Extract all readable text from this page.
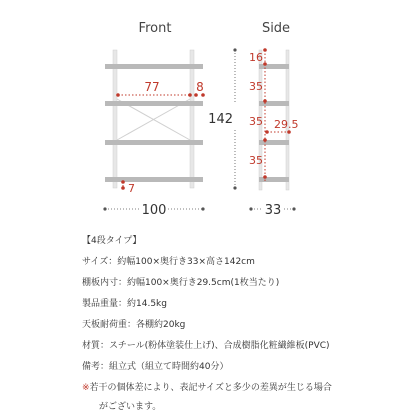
Front	Side
77	8
7
100
16
35
35
35
29.5
142
33
【4段タイプ】
サイズ：約幅100×奥行き33×高さ142cm
棚板内寸：約幅100×奥行き29.5cm(1枚当たり)
製品重量：約14.5kg
天板耐荷重：各棚約20kg
材質：スチール(粉体塗装仕上げ)、合成樹脂化粧繊維板(PVC)
備考：組立式（組立て時間約40分）
※若干の個体差により、表記サイズと多少の差異が生じる場合
がございます。
